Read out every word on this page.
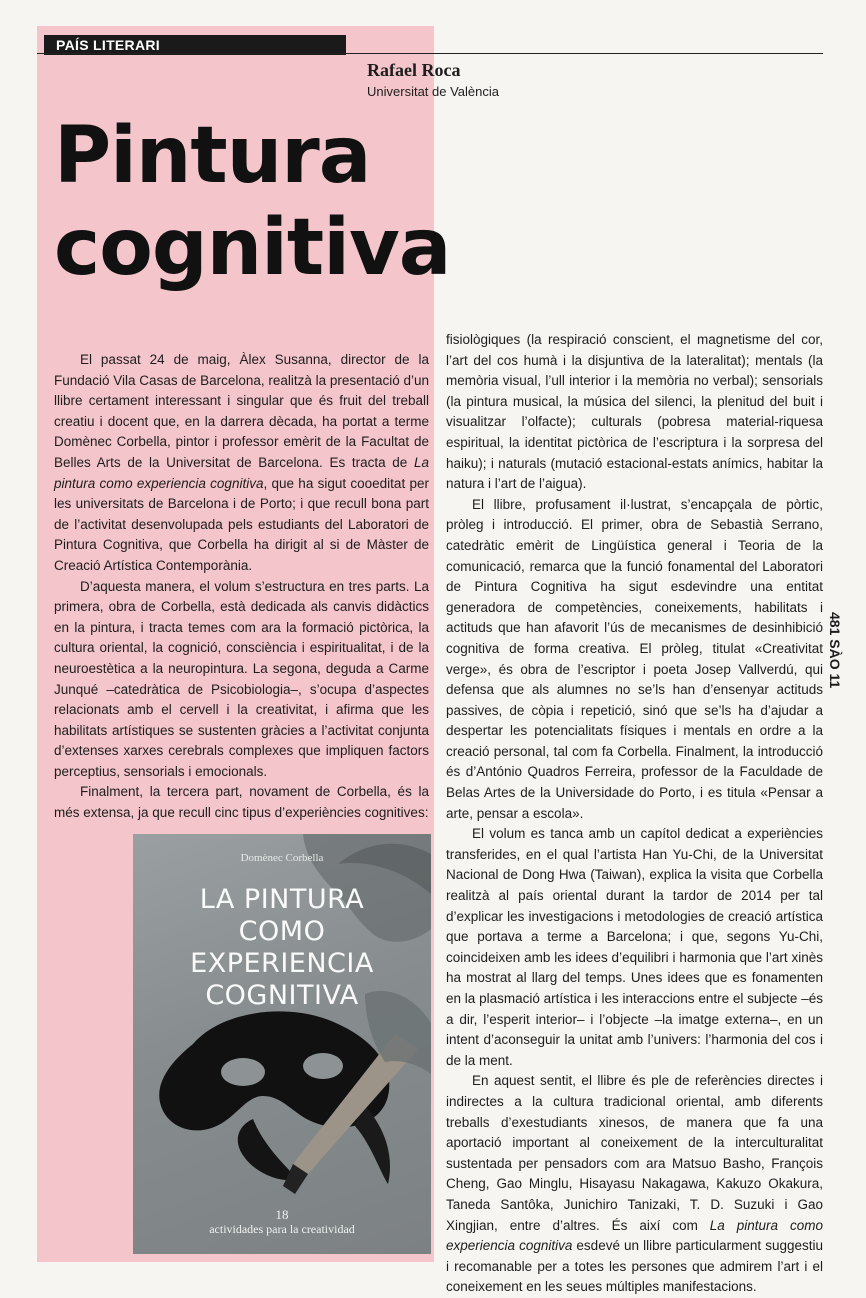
PAÍS LITERARI
Rafael Roca
Universitat de València
Pintura
cognitiva

El passat 24 de maig, Àlex Susanna, director de la Fundació Vila Casas de Barcelona, realitzà la presentació d’un llibre certament interessant i singular que és fruit del treball creatiu i docent que, en la darrera dècada, ha portat a terme Domènec Corbella, pintor i professor emèrit de la Facultat de Belles Arts de la Universitat de Barcelona. Es tracta de La pintura como experiencia cognitiva, que ha sigut cooeditat per les universitats de Barcelona i de Porto; i que recull bona part de l’activitat desenvolupada pels estudiants del Laboratori de Pintura Cognitiva, que Corbella ha dirigit al si de Màster de Creació Artística Contemporània.

D’aquesta manera, el volum s’estructura en tres parts. La primera, obra de Corbella, està dedicada als canvis didàctics en la pintura, i tracta temes com ara la formació pictòrica, la cultura oriental, la cognició, consciència i espiritualitat, i de la neuroestètica a la neuropintura. La segona, deguda a Carme Junqué –catedràtica de Psicobiologia–, s’ocupa d’aspectes relacionats amb el cervell i la creativitat, i afirma que les habilitats artístiques se sustenten gràcies a l’activitat conjunta d’extenses xarxes cerebrals complexes que impliquen factors perceptius, sensorials i emocionals.

Finalment, la tercera part, novament de Corbella, és la més extensa, ja que recull cinc tipus d’experiències cognitives:

fisiològiques (la respiració conscient, el magnetisme del cor, l’art del cos humà i la disjuntiva de la lateralitat); mentals (la memòria visual, l’ull interior i la memòria no verbal); sensorials (la pintura musical, la música del silenci, la plenitud del buit i visualitzar l’olfacte); culturals (pobresa material-riquesa espiritual, la identitat pictòrica de l’escriptura i la sorpresa del haiku); i naturals (mutació estacional-estats anímics, habitar la natura i l’art de l’aigua).

El llibre, profusament il·lustrat, s’encapçala de pòrtic, pròleg i introducció. El primer, obra de Sebastià Serrano, catedràtic emèrit de Lingüística general i Teoria de la comunicació, remarca que la funció fonamental del Laboratori de Pintura Cognitiva ha sigut esdevindre una entitat generadora de competències, coneixements, habilitats i actituds que han afavorit l’ús de mecanismes de desinhibició cognitiva de forma creativa. El pròleg, titulat «Creativitat verge», és obra de l’escriptor i poeta Josep Vallverdú, qui defensa que als alumnes no se’ls han d’ensenyar actituds passives, de còpia i repetició, sinó que se’ls ha d’ajudar a despertar les potencialitats físiques i mentals en ordre a la creació personal, tal com fa Corbella. Finalment, la introducció és d’António Quadros Ferreira, professor de la Faculdade de Belas Artes de la Universidade do Porto, i es titula «Pensar a arte, pensar a escola».

El volum es tanca amb un capítol dedicat a experiències transferides, en el qual l’artista Han Yu-Chi, de la Universitat Nacional de Dong Hwa (Taiwan), explica la visita que Corbella realitzà al país oriental durant la tardor de 2014 per tal d’explicar les investigacions i metodologies de creació artística que portava a terme a Barcelona; i que, segons Yu-Chi, coincideixen amb les idees d’equilibri i harmonia que l’art xinès ha mostrat al llarg del temps. Unes idees que es fonamenten en la plasmació artística i les interaccions entre el subjecte –és a dir, l’esperit interior– i l’objecte –la imatge externa–, en un intent d’aconseguir la unitat amb l’univers: l’harmonia del cos i de la ment.

En aquest sentit, el llibre és ple de referències directes i indirectes a la cultura tradicional oriental, amb diferents treballs d’exestudiants xinesos, de manera que fa una aportació important al coneixement de la interculturalitat sustentada per pensadors com ara Matsuo Basho, François Cheng, Gao Minglu, Hisayasu Nakagawa, Kakuzo Okakura, Taneda Santôka, Junichiro Tanizaki, T. D. Suzuki i Gao Xingjian, entre d’altres. És així com La pintura como experiencia cognitiva esdevé un llibre particularment suggestiu i recomanable per a totes les persones que admirem l’art i el coneixement en les seues múltiples manifestacions.

481 SÀO 11
Domènec Corbella
LA PINTURA
COMO
EXPERIENCIA
COGNITIVA
18
actividades para la creatividad
